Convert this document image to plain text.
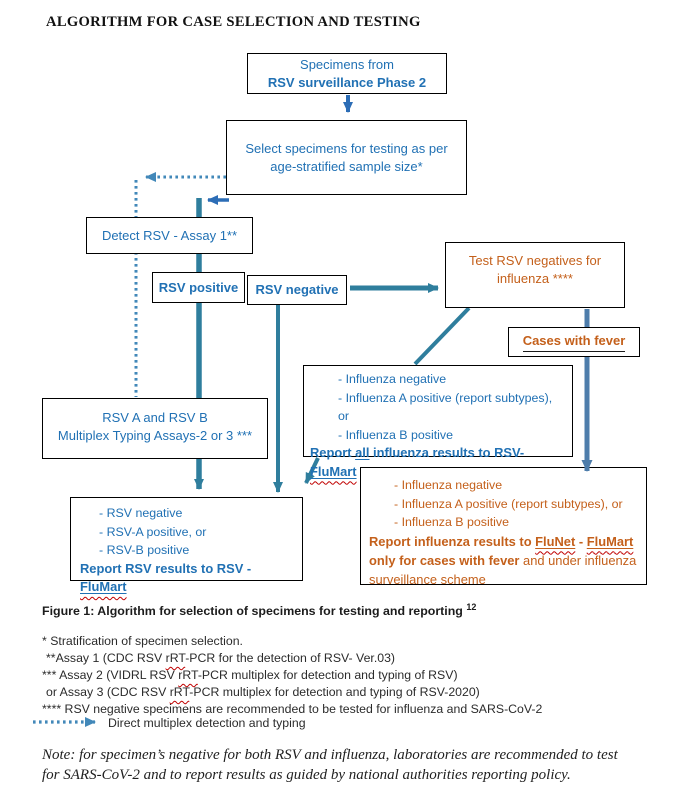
ALGORITHM FOR CASE SELECTION AND TESTING
Specimens from
RSV surveillance Phase 2
Select specimens for testing as per
age-stratified sample size*
Detect RSV - Assay 1**
RSV positive RSV negative
Test RSV negatives for
influenza ****
Cases with fever
RSV A and RSV B
Multiplex Typing Assays-2 or 3 ***
- Influenza negative
- Influenza A positive (report subtypes), or
- Influenza B positive
Report all influenza results to RSV-
FluMart
- RSV negative
- RSV-A positive, or
- RSV-B positive
Report RSV results to RSV - FluMart
- Influenza negative
- Influenza A positive (report subtypes), or
- Influenza B positive
Report influenza results to FluNet - FluMart
only for cases with fever and under influenza
surveillance scheme
Figure 1: Algorithm for selection of specimens for testing and reporting $^{12}$
* Stratification of specimen selection.
**Assay 1 (CDC RSV rRT-PCR for the detection of RSV- Ver.03)
*** Assay 2 (VIDRL RSV rRT-PCR multiplex for detection and typing of RSV)
or Assay 3 (CDC RSV rRT-PCR multiplex for detection and typing of RSV-2020)
**** RSV negative specimens are recommended to be tested for influenza and SARS-CoV-2
Direct multiplex detection and typing
Note: for specimen’s negative for both RSV and influenza, laboratories are recommended to test
for SARS-CoV-2 and to report results as guided by national authorities reporting policy.
